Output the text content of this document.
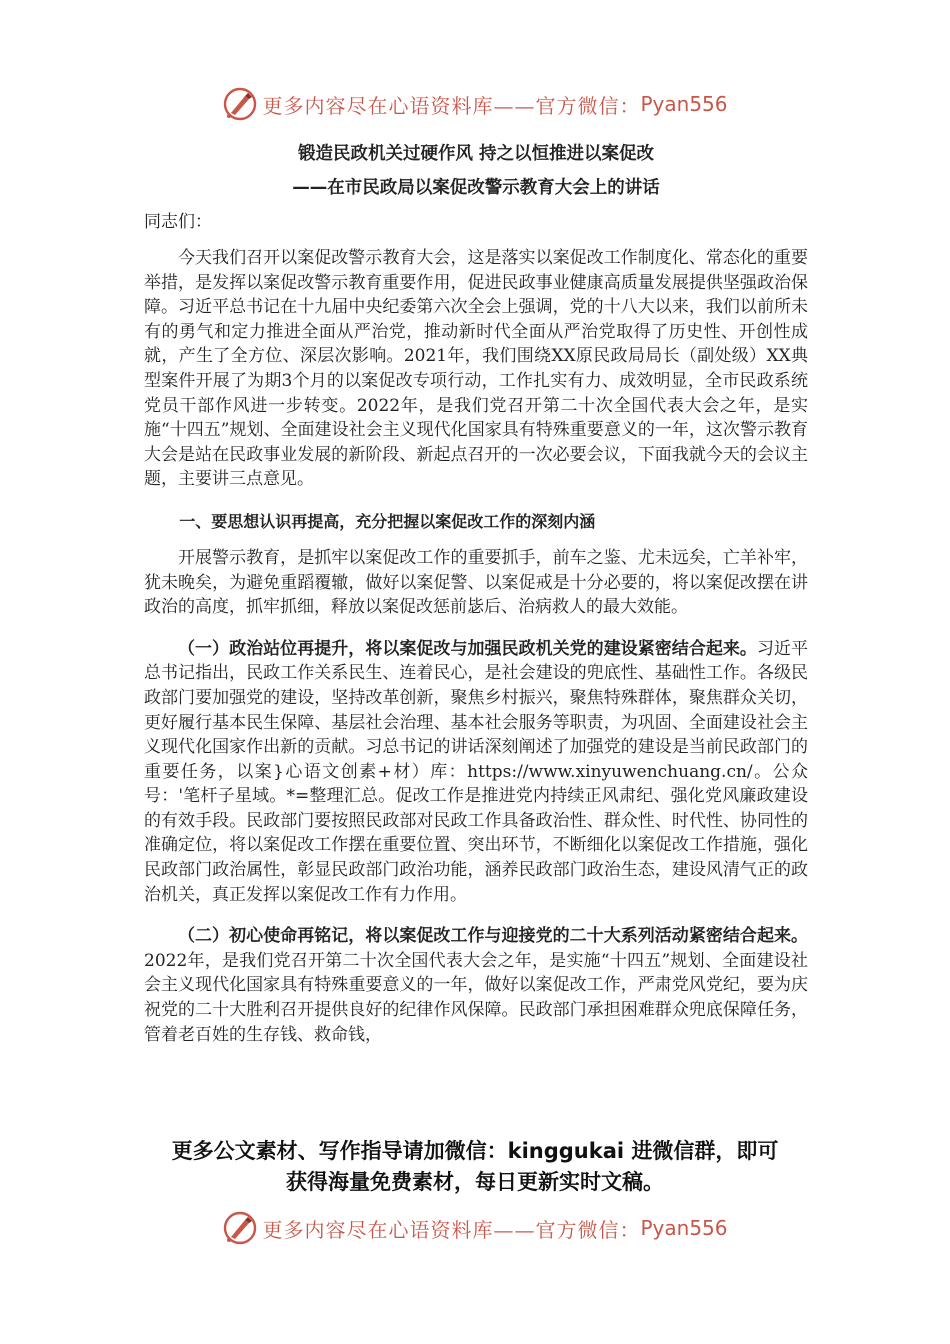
更多内容尽在心语资料库——官方微信： Pyan556
锻造民政机关过硬作风 持之以恒推进以案促改
——在市民政局以案促改警示教育大会上的讲话
同志们：

今天我们召开以案促改警示教育大会，这是落实以案促改工作制度化、常态化的重要举措，是发挥以案促改警示教育重要作用，促进民政事业健康高质量发展提供坚强政治保障。习近平总书记在十九届中央纪委第六次全会上强调，党的十八大以来，我们以前所未有的勇气和定力推进全面从严治党，推动新时代全面从严治党取得了历史性、开创性成就，产生了全方位、深层次影响。2021年，我们围绕XX原民政局局长（副处级）XX典型案件开展了为期3个月的以案促改专项行动，工作扎实有力、成效明显，全市民政系统党员干部作风进一步转变。2022年，是我们党召开第二十次全国代表大会之年，是实施“十四五”规划、全面建设社会主义现代化国家具有特殊重要意义的一年，这次警示教育大会是站在民政事业发展的新阶段、新起点召开的一次必要会议，下面我就今天的会议主题，主要讲三点意见。

一、要思想认识再提高，充分把握以案促改工作的深刻内涵

开展警示教育，是抓牢以案促改工作的重要抓手，前车之鉴、尤未远矣，亡羊补牢，犹未晚矣，为避免重蹈覆辙，做好以案促警、以案促戒是十分必要的，将以案促改摆在讲政治的高度，抓牢抓细，释放以案促改惩前毖后、治病救人的最大效能。

（一）政治站位再提升，将以案促改与加强民政机关党的建设紧密结合起来。习近平总书记指出，民政工作关系民生、连着民心，是社会建设的兜底性、基础性工作。各级民政部门要加强党的建设，坚持改革创新，聚焦乡村振兴，聚焦特殊群体，聚焦群众关切，更好履行基本民生保障、基层社会治理、基本社会服务等职责，为巩固、全面建设社会主义现代化国家作出新的贡献。习总书记的讲话深刻阐述了加强党的建设是当前民政部门的重要任务，以案}心语文创素+材）库：https://www.xinyuwenchuang.cn/。公众号：'笔杆子星域。*=整理汇总。促改工作是推进党内持续正风肃纪、强化党风廉政建设的有效手段。民政部门要按照民政部对民政工作具备政治性、群众性、时代性、协同性的准确定位，将以案促改工作摆在重要位置、突出环节，不断细化以案促改工作措施，强化民政部门政治属性，彰显民政部门政治功能，涵养民政部门政治生态，建设风清气正的政治机关，真正发挥以案促改工作有力作用。

（二）初心使命再铭记，将以案促改工作与迎接党的二十大系列活动紧密结合起来。2022年，是我们党召开第二十次全国代表大会之年，是实施“十四五”规划、全面建设社会主义现代化国家具有特殊重要意义的一年，做好以案促改工作，严肃党风党纪，要为庆祝党的二十大胜利召开提供良好的纪律作风保障。民政部门承担困难群众兜底保障任务，管着老百姓的生存钱、救命钱，

更多公文素材、写作指导请加微信：kinggukai 进微信群，即可
获得海量免费素材，每日更新实时文稿。
更多内容尽在心语资料库——官方微信： Pyan556
